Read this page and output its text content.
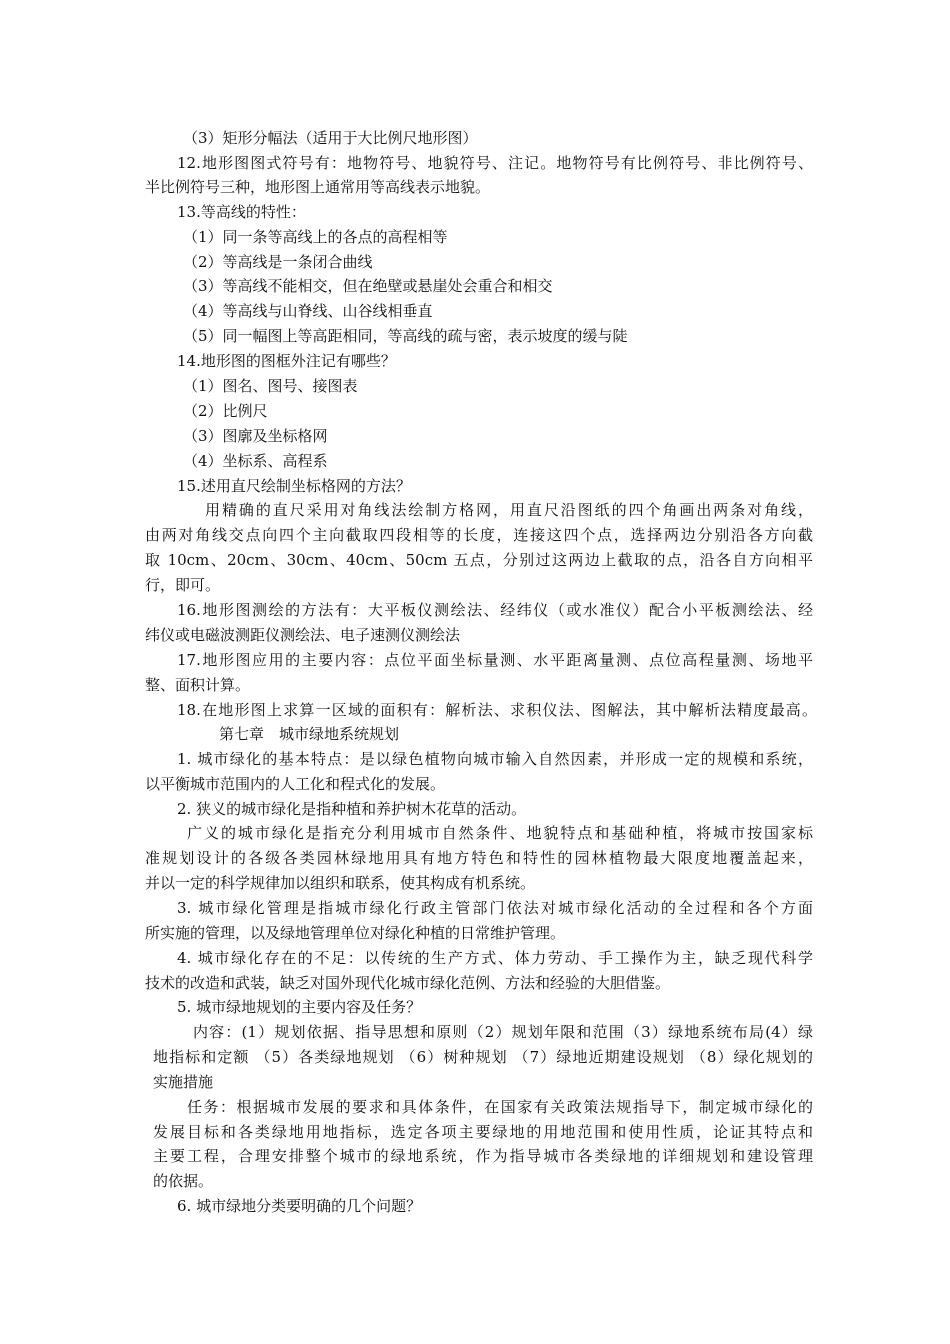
（3）矩形分幅法（适用于大比例尺地形图）
12.地形图图式符号有：地物符号、地貌符号、注记。地物符号有比例符号、非比例符号、
半比例符号三种，地形图上通常用等高线表示地貌。
13.等高线的特性：
（1）同一条等高线上的各点的高程相等
（2）等高线是一条闭合曲线
（3）等高线不能相交，但在绝壁或悬崖处会重合和相交
（4）等高线与山脊线、山谷线相垂直
（5）同一幅图上等高距相同，等高线的疏与密，表示坡度的缓与陡
14.地形图的图框外注记有哪些？
（1）图名、图号、接图表
（2）比例尺
（3）图廓及坐标格网
（4）坐标系、高程系
15.述用直尺绘制坐标格网的方法？
用精确的直尺采用对角线法绘制方格网，用直尺沿图纸的四个角画出两条对角线，
由两对角线交点向四个主向截取四段相等的长度，连接这四个点，选择两边分别沿各方向截
取 10cm、20cm、30cm、40cm、50cm 五点，分别过这两边上截取的点，沿各自方向相平
行，即可。
16.地形图测绘的方法有：大平板仪测绘法、经纬仪（或水准仪）配合小平板测绘法、经
纬仪或电磁波测距仪测绘法、电子速测仪测绘法
17.地形图应用的主要内容：点位平面坐标量测、水平距离量测、点位高程量测、场地平
整、面积计算。
18.在地形图上求算一区域的面积有：解析法、求积仪法、图解法，其中解析法精度最高。
第七章　城市绿地系统规划
1. 城市绿化的基本特点：是以绿色植物向城市输入自然因素，并形成一定的规模和系统，
以平衡城市范围内的人工化和程式化的发展。
2. 狭义的城市绿化是指种植和养护树木花草的活动。
广义的城市绿化是指充分利用城市自然条件、地貌特点和基础种植，将城市按国家标
准规划设计的各级各类园林绿地用具有地方特色和特性的园林植物最大限度地覆盖起来，
并以一定的科学规律加以组织和联系，使其构成有机系统。
3. 城市绿化管理是指城市绿化行政主管部门依法对城市绿化活动的全过程和各个方面
所实施的管理，以及绿地管理单位对绿化种植的日常维护管理。
4. 城市绿化存在的不足：以传统的生产方式、体力劳动、手工操作为主，缺乏现代科学
技术的改造和武装，缺乏对国外现代化城市绿化范例、方法和经验的大胆借鉴。
5. 城市绿地规划的主要内容及任务？
内容：(1）规划依据、指导思想和原则（2）规划年限和范围（3）绿地系统布局(4）绿
地指标和定额 （5）各类绿地规划 （6）树种规划 （7）绿地近期建设规划 （8）绿化规划的
实施措施
任务：根据城市发展的要求和具体条件，在国家有关政策法规指导下，制定城市绿化的
发展目标和各类绿地用地指标，选定各项主要绿地的用地范围和使用性质，论证其特点和
主要工程，合理安排整个城市的绿地系统，作为指导城市各类绿地的详细规划和建设管理
的依据。
6. 城市绿地分类要明确的几个问题？
